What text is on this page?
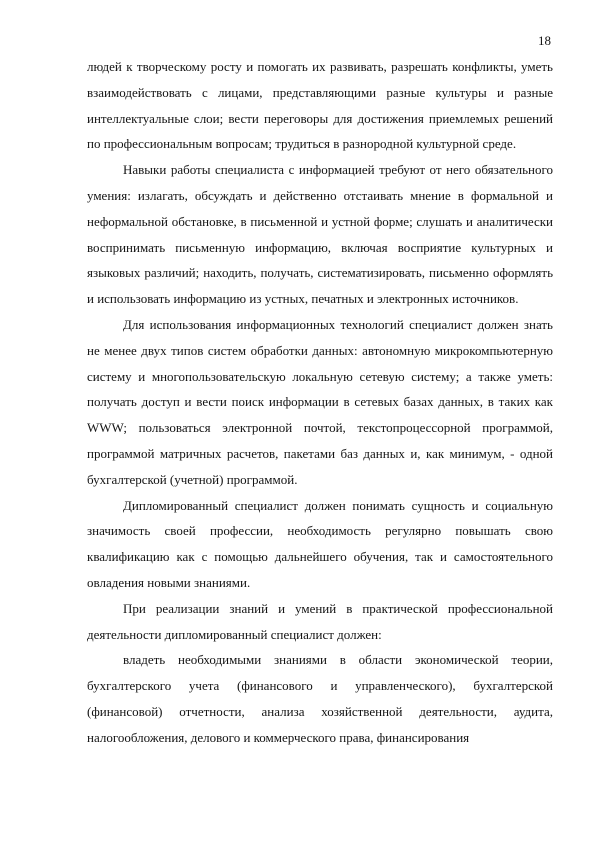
18

людей к творческому росту и помогать их развивать, разрешать конфликты, уметь взаимодействовать с лицами, представляющими разные культуры и разные интеллектуальные слои; вести переговоры для достижения приемлемых решений по профессиональным вопросам; трудиться в разнородной культурной среде.

Навыки работы специалиста с информацией требуют от него обязательного умения: излагать, обсуждать и действенно отстаивать мнение в формальной и неформальной обстановке, в письменной и устной форме; слушать и аналитически воспринимать письменную информацию, включая восприятие культурных и языковых различий; находить, получать, систематизировать, письменно оформлять и использовать информацию из устных, печатных и электронных источников.

Для использования информационных технологий специалист должен знать не менее двух типов систем обработки данных: автономную микрокомпьютерную систему и многопользовательскую локальную сетевую систему; а также уметь: получать доступ и вести поиск информации в сетевых базах данных, в таких как WWW; пользоваться электронной почтой, текстопроцессорной программой, программой матричных расчетов, пакетами баз данных и, как минимум, - одной бухгалтерской (учетной) программой.

Дипломированный специалист должен понимать сущность и социальную значимость своей профессии, необходимость регулярно повышать свою квалификацию как с помощью дальнейшего обучения, так и самостоятельного овладения новыми знаниями.

При реализации знаний и умений в практической профессиональной деятельности дипломированный специалист должен:

владеть необходимыми знаниями в области экономической теории, бухгалтерского учета (финансового и управленческого), бухгалтерской (финансовой) отчетности, анализа хозяйственной деятельности, аудита, налогообложения, делового и коммерческого права, финансирования
